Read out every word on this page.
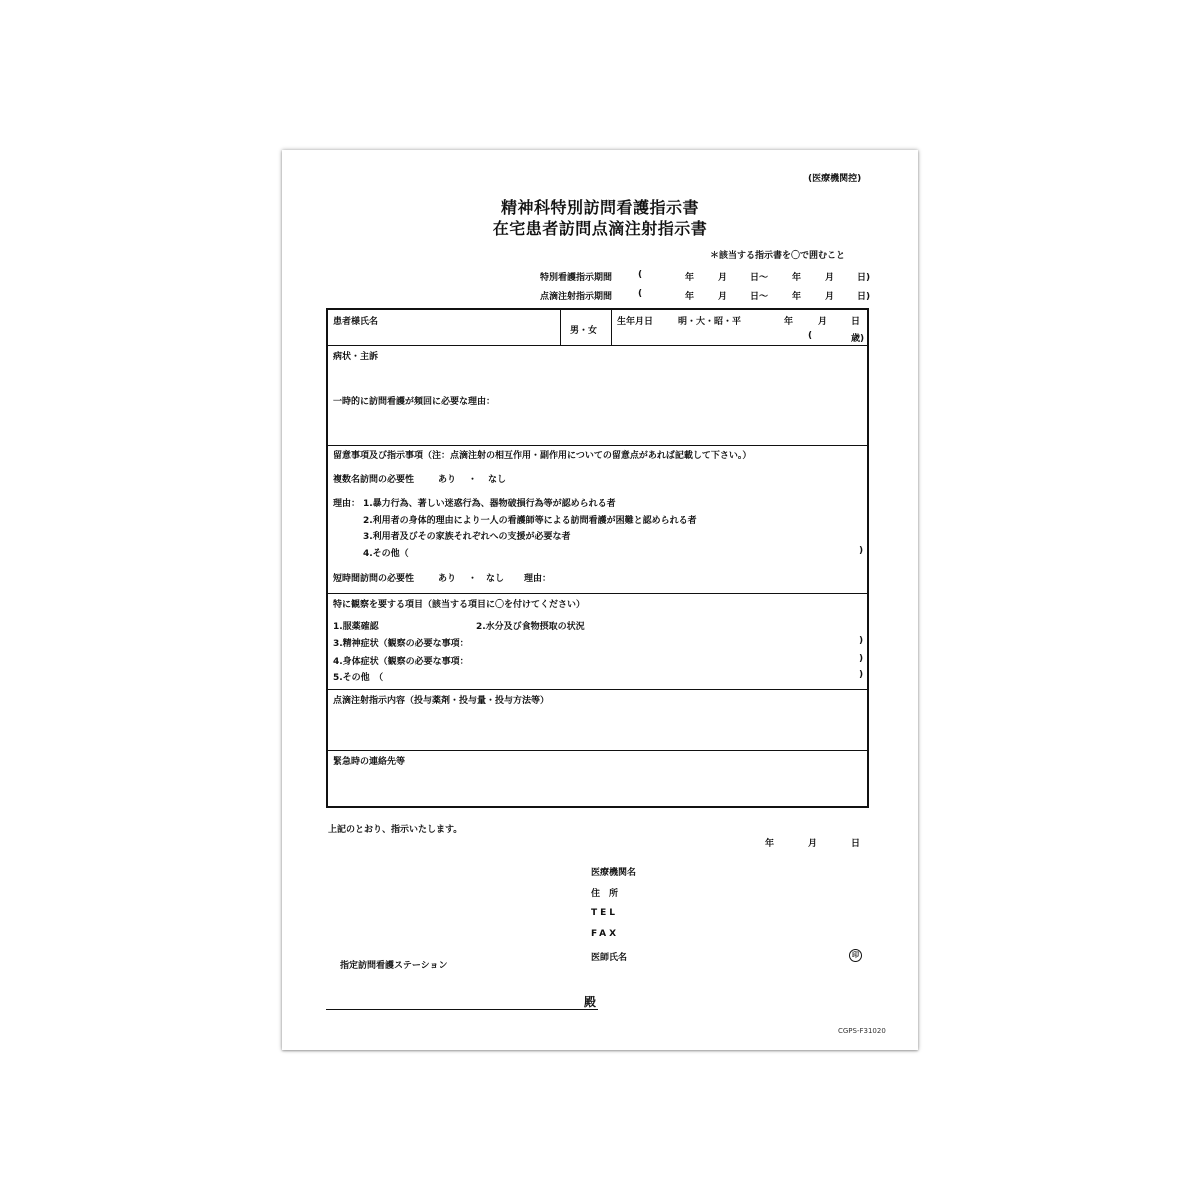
(医療機関控)
精神科特別訪問看護指示書
在宅患者訪問点滴注射指示書
＊該当する指示書を〇で囲むこと
特別看護指示期間	(	年	月	日～	年	月	日)
点滴注射指示期間	(	年	月	日～	年	月	日)
患者様氏名
男・女
生年月日	明・大・昭・平	年	月	日
(	歳)
病状・主訴
一時的に訪問看護が頻回に必要な理由：
留意事項及び指示事項（注：点滴注射の相互作用・副作用についての留意点があれば記載して下さい。）
複数名訪問の必要性	あり ・ なし
理由： 1.暴力行為、著しい迷惑行為、器物破損行為等が認められる者
2.利用者の身体的理由により一人の看護師等による訪問看護が困難と認められる者
3.利用者及びその家族それぞれへの支援が必要な者
4.その他（	)
短時間訪問の必要性	あり ・ なし 理由：
特に観察を要する項目（該当する項目に〇を付けてください）
1.服薬確認	2.水分及び食物摂取の状況
3.精神症状（観察の必要な事項：	)
4.身体症状（観察の必要な事項：	)
5.その他　（	)
点滴注射指示内容（投与薬剤・投与量・投与方法等）
緊急時の連絡先等
上記のとおり、指示いたします。
年	月	日
医療機関名
住　所
TEL
FAX
医師氏名	印
指定訪問看護ステーション
殿
CGPS-F31020
